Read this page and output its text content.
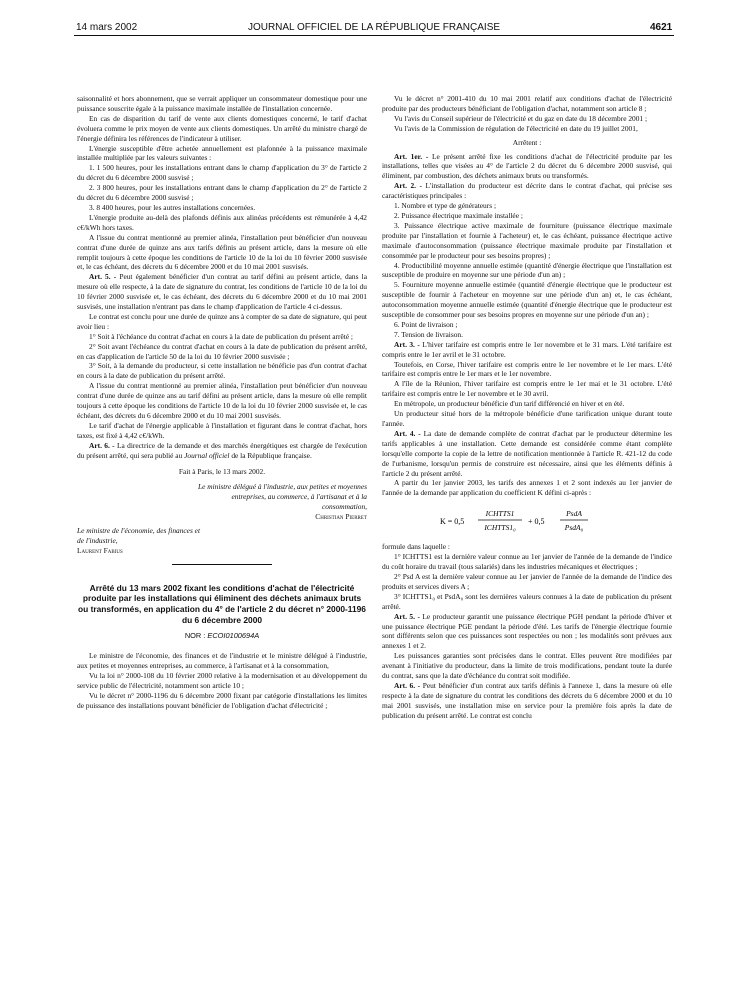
14 mars 2002	JOURNAL OFFICIEL DE LA RÉPUBLIQUE FRANÇAISE	4621

saisonnalité et hors abonnement, que se verrait appliquer un consommateur domestique pour une puissance souscrite égale à la puissance maximale installée de l'installation concernée.

En cas de disparition du tarif de vente aux clients domestiques concerné, le tarif d'achat évoluera comme le prix moyen de vente aux clients domestiques. Un arrêté du ministre chargé de l'énergie définira les références de l'indicateur à utiliser.

L'énergie susceptible d'être achetée annuellement est plafonnée à la puissance maximale installée multipliée par les valeurs suivantes :

1. 1 500 heures, pour les installations entrant dans le champ d'application du 3° de l'article 2 du décret du 6 décembre 2000 susvisé ;

2. 3 800 heures, pour les installations entrant dans le champ d'application du 2° de l'article 2 du décret du 6 décembre 2000 susvisé ;

3. 8 400 heures, pour les autres installations concernées.

L'énergie produite au-delà des plafonds définis aux alinéas précédents est rémunérée à 4,42 c€/kWh hors taxes.

A l'issue du contrat mentionné au premier alinéa, l'installation peut bénéficier d'un nouveau contrat d'une durée de quinze ans aux tarifs définis au présent article, dans la mesure où elle remplit toujours à cette époque les conditions de l'article 10 de la loi du 10 février 2000 susvisée et, le cas échéant, des décrets du 6 décembre 2000 et du 10 mai 2001 susvisés.

Art. 5. - Peut également bénéficier d'un contrat au tarif défini au présent article, dans la mesure où elle respecte, à la date de signature du contrat, les conditions de l'article 10 de la loi du 10 février 2000 susvisée et, le cas échéant, des décrets du 6 décembre 2000 et du 10 mai 2001 susvisés, une installation n'entrant pas dans le champ d'application de l'article 4 ci-dessus.

Le contrat est conclu pour une durée de quinze ans à compter de sa date de signature, qui peut avoir lieu :

1° Soit à l'échéance du contrat d'achat en cours à la date de publication du présent arrêté ;

2° Soit avant l'échéance du contrat d'achat en cours à la date de publication du présent arrêté, en cas d'application de l'article 50 de la loi du 10 février 2000 susvisée ;

3° Soit, à la demande du producteur, si cette installation ne bénéficie pas d'un contrat d'achat en cours à la date de publication du présent arrêté.

A l'issue du contrat mentionné au premier alinéa, l'installation peut bénéficier d'un nouveau contrat d'une durée de quinze ans au tarif défini au présent article, dans la mesure où elle remplit toujours à cette époque les conditions de l'article 10 de la loi du 10 février 2000 susvisée et, le cas échéant, des décrets du 6 décembre 2000 et du 10 mai 2001 susvisés.

Le tarif d'achat de l'énergie applicable à l'installation et figurant dans le contrat d'achat, hors taxes, est fixé à 4,42 c€/kWh.

Art. 6. - La directrice de la demande et des marchés énergétiques est chargée de l'exécution du présent arrêté, qui sera publié au Journal officiel de la République française.

Fait à Paris, le 13 mars 2002.
Le ministre délégué à l'industrie, aux petites et moyennes entreprises, au commerce, à l'artisanat et à la consommation,
Christian Pierret
Le ministre de l'économie, des finances et de l'industrie,
Laurent Fabius
Arrêté du 13 mars 2002 fixant les conditions d'achat de l'électricité produite par les installations qui éliminent des déchets animaux bruts ou transformés, en application du 4° de l'article 2 du décret n° 2000-1196 du 6 décembre 2000
NOR : ECOI0100694A

Le ministre de l'économie, des finances et de l'industrie et le ministre délégué à l'industrie, aux petites et moyennes entreprises, au commerce, à l'artisanat et à la consommation,

Vu la loi n° 2000-108 du 10 février 2000 relative à la modernisation et au développement du service public de l'électricité, notamment son article 10 ;

Vu le décret n° 2000-1196 du 6 décembre 2000 fixant par catégorie d'installations les limites de puissance des installations pouvant bénéficier de l'obligation d'achat d'électricité ;

Vu le décret n° 2001-410 du 10 mai 2001 relatif aux conditions d'achat de l'électricité produite par des producteurs bénéficiant de l'obligation d'achat, notamment son article 8 ;

Vu l'avis du Conseil supérieur de l'électricité et du gaz en date du 18 décembre 2001 ;

Vu l'avis de la Commission de régulation de l'électricité en date du 19 juillet 2001,

Arrêtent :

Art. 1er. - Le présent arrêté fixe les conditions d'achat de l'électricité produite par les installations, telles que visées au 4° de l'article 2 du décret du 6 décembre 2000 susvisé, qui éliminent, par combustion, des déchets animaux bruts ou transformés.

Art. 2. - L'installation du producteur est décrite dans le contrat d'achat, qui précise ses caractéristiques principales :

1. Nombre et type de générateurs ;

2. Puissance électrique maximale installée ;

3. Puissance électrique active maximale de fourniture (puissance électrique maximale produite par l'installation et fournie à l'acheteur) et, le cas échéant, puissance électrique active maximale d'autoconsommation (puissance électrique maximale produite par l'installation et consommée par le producteur pour ses besoins propres) ;

4. Productibilité moyenne annuelle estimée (quantité d'énergie électrique que l'installation est susceptible de produire en moyenne sur une période d'un an) ;

5. Fourniture moyenne annuelle estimée (quantité d'énergie électrique que le producteur est susceptible de fournir à l'acheteur en moyenne sur une période d'un an) et, le cas échéant, autoconsommation moyenne annuelle estimée (quantité d'énergie électrique que le producteur est susceptible de consommer pour ses besoins propres en moyenne sur une période d'un an) ;

6. Point de livraison ;

7. Tension de livraison.

Art. 3. - L'hiver tarifaire est compris entre le 1er novembre et le 31 mars. L'été tarifaire est compris entre le 1er avril et le 31 octobre.

Toutefois, en Corse, l'hiver tarifaire est compris entre le 1er novembre et le 1er mars. L'été tarifaire est compris entre le 1er mars et le 1er novembre.

A l'île de la Réunion, l'hiver tarifaire est compris entre le 1er mai et le 31 octobre. L'été tarifaire est compris entre le 1er novembre et le 30 avril.

En métropole, un producteur bénéficie d'un tarif différencié en hiver et en été.

Un producteur situé hors de la métropole bénéficie d'une tarification unique durant toute l'année.

Art. 4. - La date de demande complète de contrat d'achat par le producteur détermine les tarifs applicables à une installation. Cette demande est considérée comme étant complète lorsqu'elle comporte la copie de la lettre de notification mentionnée à l'article R. 421-12 du code de l'urbanisme, lorsqu'un permis de construire est nécessaire, ainsi que les éléments définis à l'article 2 du présent arrêté.

A partir du 1er janvier 2003, les tarifs des annexes 1 et 2 sont indexés au 1er janvier de l'année de la demande par application du coefficient K défini ci-après :

K = 0,5
ICHTTS1
ICHTTS1₀
+ 0,5
PsdA
PsdA₀

formule dans laquelle :

1° ICHTTS1 est la dernière valeur connue au 1er janvier de l'année de la demande de l'indice du coût horaire du travail (tous salariés) dans les industries mécaniques et électriques ;

2° Psd A est la dernière valeur connue au 1er janvier de l'année de la demande de l'indice des produits et services divers A ;

3° ICHTTS1₀ et PsdA₀ sont les dernières valeurs connues à la date de publication du présent arrêté.

Art. 5. - Le producteur garantit une puissance électrique PGH pendant la période d'hiver et une puissance électrique PGE pendant la période d'été. Les tarifs de l'énergie électrique fournie sont différents selon que ces puissances sont respectées ou non ; les modalités sont prévues aux annexes 1 et 2.

Les puissances garanties sont précisées dans le contrat. Elles peuvent être modifiées par avenant à l'initiative du producteur, dans la limite de trois modifications, pendant toute la durée du contrat, sans que la date d'échéance du contrat soit modifiée.

Art. 6. - Peut bénéficier d'un contrat aux tarifs définis à l'annexe 1, dans la mesure où elle respecte à la date de signature du contrat les conditions des décrets du 6 décembre 2000 et du 10 mai 2001 susvisés, une installation mise en service pour la première fois après la date de publication du présent arrêté. Le contrat est conclu
